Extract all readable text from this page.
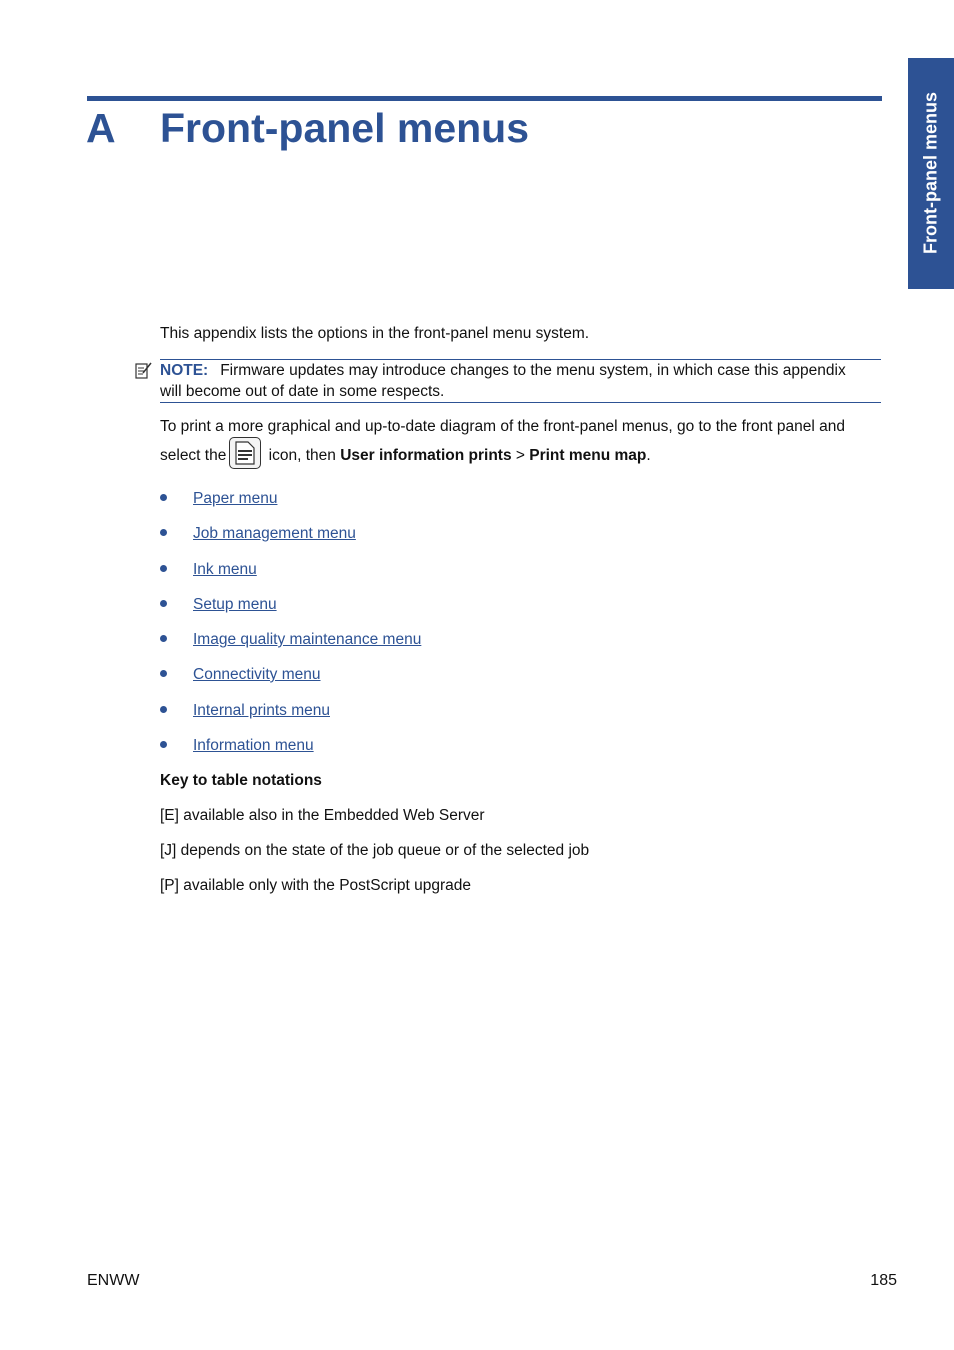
A Front-panel menus	Front-panel menus

This appendix lists the options in the front-panel menu system.

NOTE: Firmware updates may introduce changes to the menu system, in which case this appendix
will become out of date in some respects.

To print a more graphical and up-to-date diagram of the front-panel menus, go to the front panel and

select the
icon, then User information prints > Print menu map.

Paper menu
Job management menu
Ink menu
Setup menu
Image quality maintenance menu
Connectivity menu
Internal prints menu
Information menu

Key to table notations

[E] available also in the Embedded Web Server

[J] depends on the state of the job queue or of the selected job

[P] available only with the PostScript upgrade

ENWW	185
